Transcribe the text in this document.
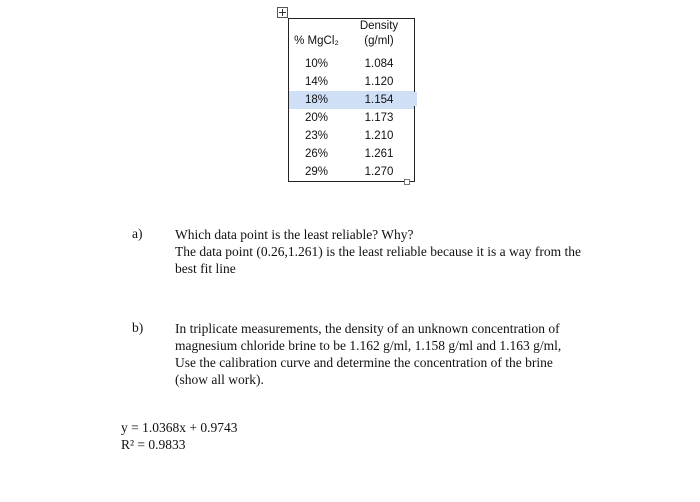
% MgCl₂	Density
(g/ml)
10%	1.084
14%	1.120
18%	1.154
20%	1.173
23%	1.210
26%	1.261
29%	1.270
a) Which data point is the least reliable? Why?
The data point (0.26,1.261) is the least reliable because it is a way from the
best fit line
b) In triplicate measurements, the density of an unknown concentration of
magnesium chloride brine to be 1.162 g/ml, 1.158 g/ml and 1.163 g/ml,
Use the calibration curve and determine the concentration of the brine
(show all work).
y = 1.0368x + 0.9743
R² = 0.9833
